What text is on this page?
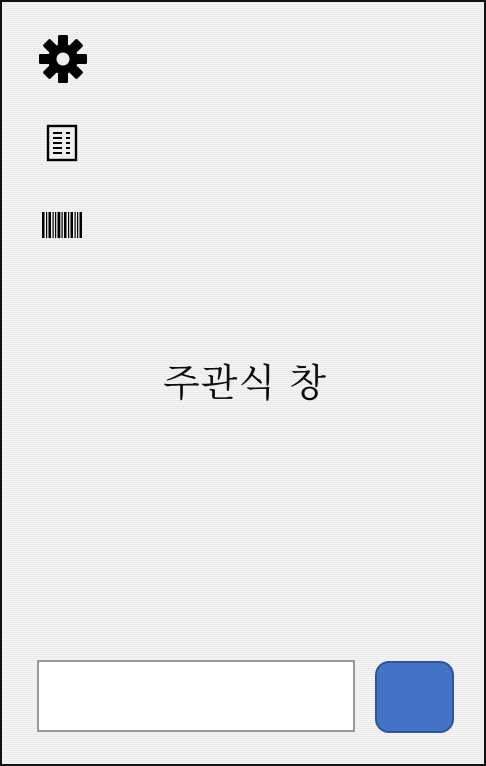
주관식 창
